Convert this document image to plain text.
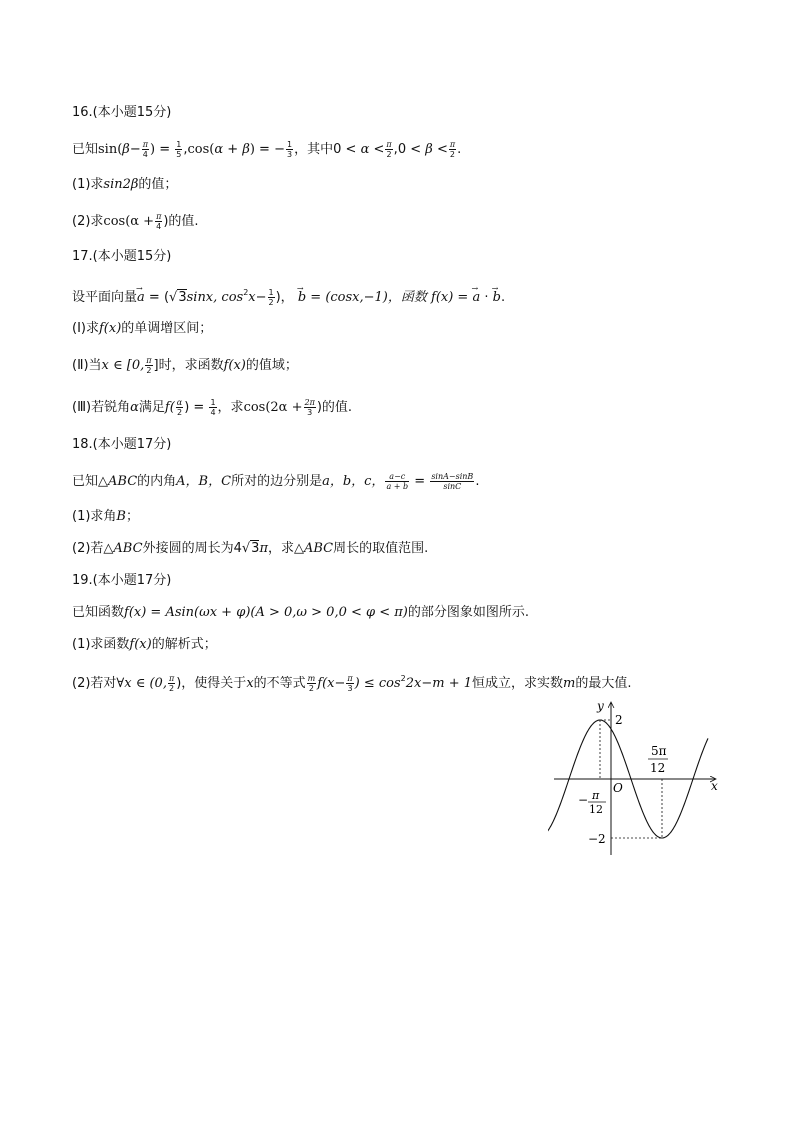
16.(本小题15分)
已知$\sin(\beta- \frac{\pi}{4}$ ) = $\frac{1}{5} ,\cos(\alpha + \beta)$ = − $\frac{1}{3}$ ，其中$0 < \alpha < \frac{\pi}{2} ,0 < \beta < \frac{\pi}{2}$ .
(1)求sin2β的值；
(2)求$\cos(\alpha + \frac{\pi}{4}$ )的值.
17.(本小题15分)
设平面向量→ a = (√3sinx, $\cos^2x- \frac{1}{2}$ )， → b = (cosx,−1)，函数 f(x) = → a · → b.
(Ⅰ)求f(x)的单调增区间；
(Ⅱ)当x ∈ [0, $\frac{\pi}{2}$ ]时，求函数f(x)的值域；
(Ⅲ)若锐角α满足$f( \frac{\alpha}{2}$ ) = $\frac{1}{4}$ ，求$\cos(2\alpha + \frac{2\pi}{3}$ )的值.
18.(本小题17分)
已知△ABC的内角A，B，C所对的边分别是a，b，c， $\frac{a-c}{a + b} = \frac{\sin A-\sin B}{\sin C}$ .
(1)求角B；
(2)若△ABC外接圆的周长为4√3π，求△ABC周长的取值范围.
19.(本小题17分)
已知函数f(x) = Asin(ωx + φ)(A > 0,ω > 0,0 < φ < π)的部分图象如图所示.
(1)求函数f(x)的解析式；
(2)若对∀x ∈ (0, $\frac{\pi}{2}$ )，使得关于x的不等式 $\frac{m}{2} f(x- \frac{\pi}{3}$ ) ≤ $\cos^22x-m + 1$恒成立，求实数m的最大值.
y
x
O
2
−2
− π
12
5π
12
